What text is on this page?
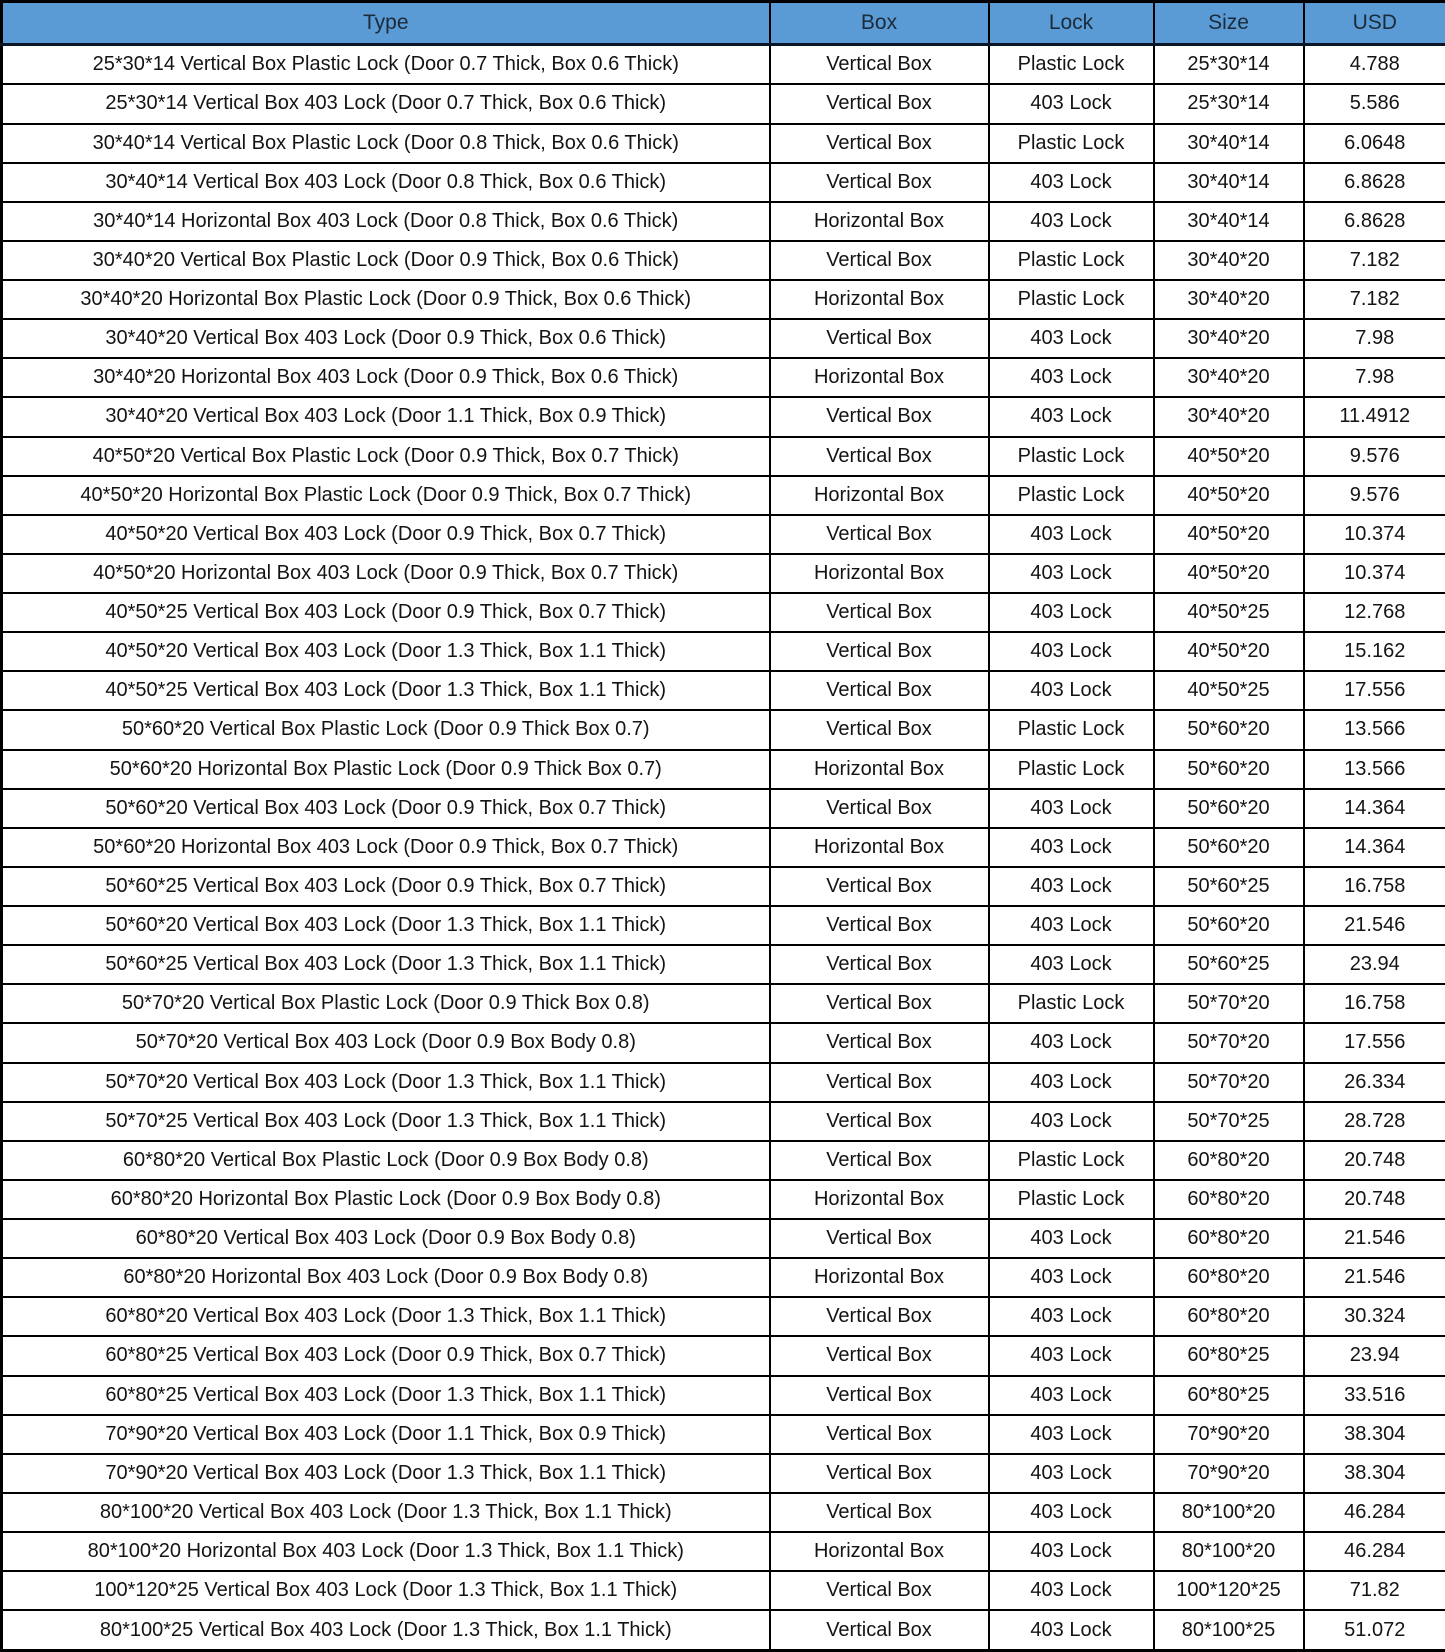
Type	Box	Lock	Size	USD
25*30*14 Vertical Box Plastic Lock (Door 0.7 Thick, Box 0.6 Thick)	Vertical Box	Plastic Lock	25*30*14	4.788
25*30*14 Vertical Box 403 Lock (Door 0.7 Thick, Box 0.6 Thick)	Vertical Box	403 Lock	25*30*14	5.586
30*40*14 Vertical Box Plastic Lock (Door 0.8 Thick, Box 0.6 Thick)	Vertical Box	Plastic Lock	30*40*14	6.0648
30*40*14 Vertical Box 403 Lock (Door 0.8 Thick, Box 0.6 Thick)	Vertical Box	403 Lock	30*40*14	6.8628
30*40*14 Horizontal Box 403 Lock (Door 0.8 Thick, Box 0.6 Thick)	Horizontal Box	403 Lock	30*40*14	6.8628
30*40*20 Vertical Box Plastic Lock (Door 0.9 Thick, Box 0.6 Thick)	Vertical Box	Plastic Lock	30*40*20	7.182
30*40*20 Horizontal Box Plastic Lock (Door 0.9 Thick, Box 0.6 Thick)	Horizontal Box	Plastic Lock	30*40*20	7.182
30*40*20 Vertical Box 403 Lock (Door 0.9 Thick, Box 0.6 Thick)	Vertical Box	403 Lock	30*40*20	7.98
30*40*20 Horizontal Box 403 Lock (Door 0.9 Thick, Box 0.6 Thick)	Horizontal Box	403 Lock	30*40*20	7.98
30*40*20 Vertical Box 403 Lock (Door 1.1 Thick, Box 0.9 Thick)	Vertical Box	403 Lock	30*40*20	11.4912
40*50*20 Vertical Box Plastic Lock (Door 0.9 Thick, Box 0.7 Thick)	Vertical Box	Plastic Lock	40*50*20	9.576
40*50*20 Horizontal Box Plastic Lock (Door 0.9 Thick, Box 0.7 Thick)	Horizontal Box	Plastic Lock	40*50*20	9.576
40*50*20 Vertical Box 403 Lock (Door 0.9 Thick, Box 0.7 Thick)	Vertical Box	403 Lock	40*50*20	10.374
40*50*20 Horizontal Box 403 Lock (Door 0.9 Thick, Box 0.7 Thick)	Horizontal Box	403 Lock	40*50*20	10.374
40*50*25 Vertical Box 403 Lock (Door 0.9 Thick, Box 0.7 Thick)	Vertical Box	403 Lock	40*50*25	12.768
40*50*20 Vertical Box 403 Lock (Door 1.3 Thick, Box 1.1 Thick)	Vertical Box	403 Lock	40*50*20	15.162
40*50*25 Vertical Box 403 Lock (Door 1.3 Thick, Box 1.1 Thick)	Vertical Box	403 Lock	40*50*25	17.556
50*60*20 Vertical Box Plastic Lock (Door 0.9 Thick Box 0.7)	Vertical Box	Plastic Lock	50*60*20	13.566
50*60*20 Horizontal Box Plastic Lock (Door 0.9 Thick Box 0.7)	Horizontal Box	Plastic Lock	50*60*20	13.566
50*60*20 Vertical Box 403 Lock (Door 0.9 Thick, Box 0.7 Thick)	Vertical Box	403 Lock	50*60*20	14.364
50*60*20 Horizontal Box 403 Lock (Door 0.9 Thick, Box 0.7 Thick)	Horizontal Box	403 Lock	50*60*20	14.364
50*60*25 Vertical Box 403 Lock (Door 0.9 Thick, Box 0.7 Thick)	Vertical Box	403 Lock	50*60*25	16.758
50*60*20 Vertical Box 403 Lock (Door 1.3 Thick, Box 1.1 Thick)	Vertical Box	403 Lock	50*60*20	21.546
50*60*25 Vertical Box 403 Lock (Door 1.3 Thick, Box 1.1 Thick)	Vertical Box	403 Lock	50*60*25	23.94
50*70*20 Vertical Box Plastic Lock (Door 0.9 Thick Box 0.8)	Vertical Box	Plastic Lock	50*70*20	16.758
50*70*20 Vertical Box 403 Lock (Door 0.9 Box Body 0.8)	Vertical Box	403 Lock	50*70*20	17.556
50*70*20 Vertical Box 403 Lock (Door 1.3 Thick, Box 1.1 Thick)	Vertical Box	403 Lock	50*70*20	26.334
50*70*25 Vertical Box 403 Lock (Door 1.3 Thick, Box 1.1 Thick)	Vertical Box	403 Lock	50*70*25	28.728
60*80*20 Vertical Box Plastic Lock (Door 0.9 Box Body 0.8)	Vertical Box	Plastic Lock	60*80*20	20.748
60*80*20 Horizontal Box Plastic Lock (Door 0.9 Box Body 0.8)	Horizontal Box	Plastic Lock	60*80*20	20.748
60*80*20 Vertical Box 403 Lock (Door 0.9 Box Body 0.8)	Vertical Box	403 Lock	60*80*20	21.546
60*80*20 Horizontal Box 403 Lock (Door 0.9 Box Body 0.8)	Horizontal Box	403 Lock	60*80*20	21.546
60*80*20 Vertical Box 403 Lock (Door 1.3 Thick, Box 1.1 Thick)	Vertical Box	403 Lock	60*80*20	30.324
60*80*25 Vertical Box 403 Lock (Door 0.9 Thick, Box 0.7 Thick)	Vertical Box	403 Lock	60*80*25	23.94
60*80*25 Vertical Box 403 Lock (Door 1.3 Thick, Box 1.1 Thick)	Vertical Box	403 Lock	60*80*25	33.516
70*90*20 Vertical Box 403 Lock (Door 1.1 Thick, Box 0.9 Thick)	Vertical Box	403 Lock	70*90*20	38.304
70*90*20 Vertical Box 403 Lock (Door 1.3 Thick, Box 1.1 Thick)	Vertical Box	403 Lock	70*90*20	38.304
80*100*20 Vertical Box 403 Lock (Door 1.3 Thick, Box 1.1 Thick)	Vertical Box	403 Lock	80*100*20	46.284
80*100*20 Horizontal Box 403 Lock (Door 1.3 Thick, Box 1.1 Thick)	Horizontal Box	403 Lock	80*100*20	46.284
100*120*25 Vertical Box 403 Lock (Door 1.3 Thick, Box 1.1 Thick)	Vertical Box	403 Lock	100*120*25	71.82
80*100*25 Vertical Box 403 Lock (Door 1.3 Thick, Box 1.1 Thick)	Vertical Box	403 Lock	80*100*25	51.072
